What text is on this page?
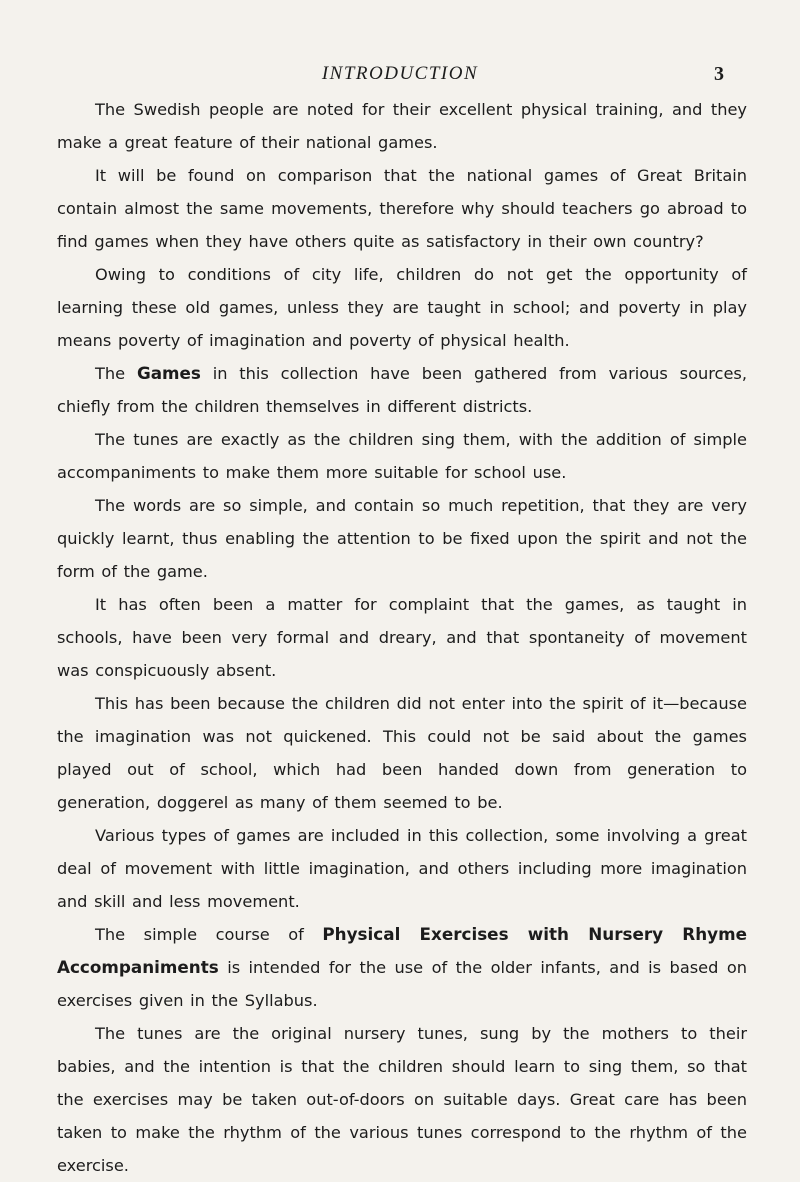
INTRODUCTION	3

The Swedish people are noted for their excellent physical training, and they make a great feature of their national games.

It will be found on comparison that the national games of Great Britain contain almost the same movements, therefore why should teachers go abroad to find games when they have others quite as satisfactory in their own country?

Owing to conditions of city life, children do not get the opportunity of learning these old games, unless they are taught in school; and poverty in play means poverty of imagination and poverty of physical health.

The Games in this collection have been gathered from various sources, chiefly from the children themselves in different districts.

The tunes are exactly as the children sing them, with the addition of simple accompaniments to make them more suitable for school use.

The words are so simple, and contain so much repetition, that they are very quickly learnt, thus enabling the attention to be fixed upon the spirit and not the form of the game.

It has often been a matter for complaint that the games, as taught in schools, have been very formal and dreary, and that spontaneity of movement was conspicuously absent.

This has been because the children did not enter into the spirit of it—because the imagination was not quickened. This could not be said about the games played out of school, which had been handed down from generation to generation, doggerel as many of them seemed to be.

Various types of games are included in this collection, some involving a great deal of movement with little imagination, and others including more imagination and skill and less movement.

The simple course of Physical Exercises with Nursery Rhyme Accompaniments is intended for the use of the older infants, and is based on exercises given in the Syllabus.

The tunes are the original nursery tunes, sung by the mothers to their babies, and the intention is that the children should learn to sing them, so that the exercises may be taken out-of-doors on suitable days. Great care has been taken to make the rhythm of the various tunes correspond to the rhythm of the exercise.
